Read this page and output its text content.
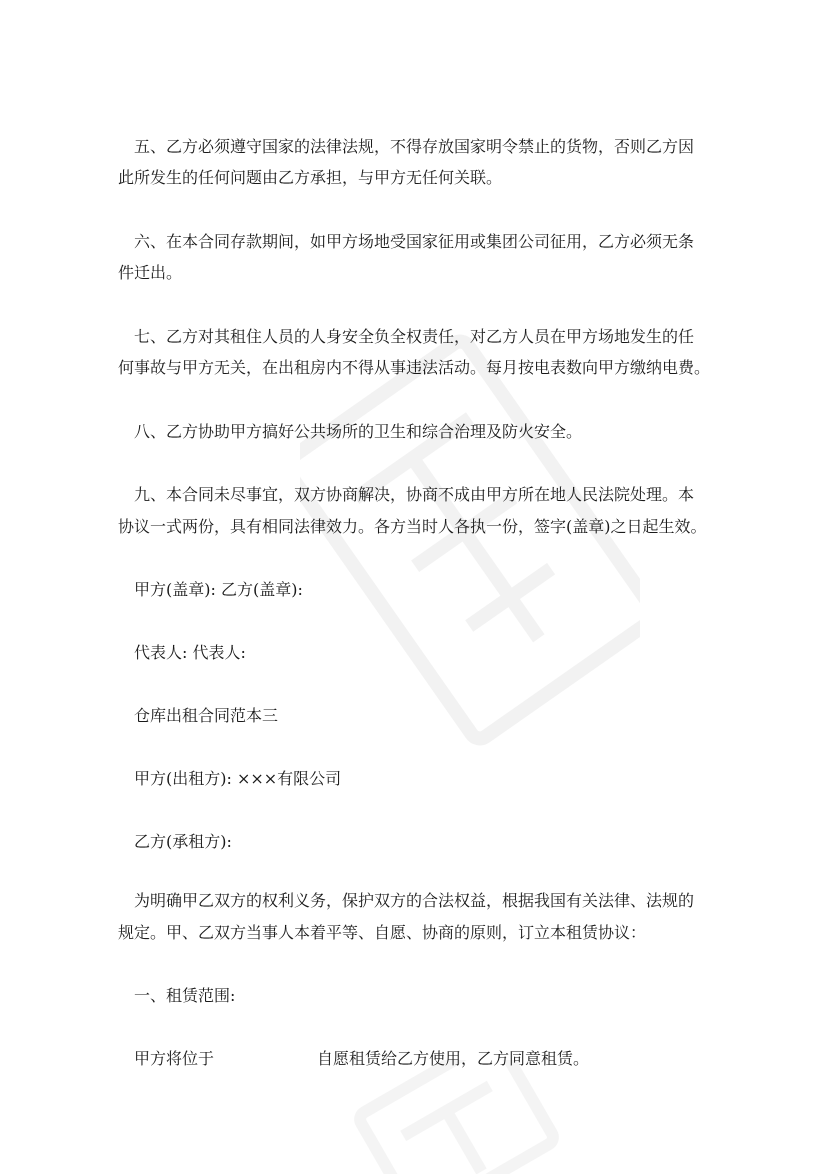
五、乙方必须遵守国家的法律法规，不得存放国家明令禁止的货物，否则乙方因

此所发生的任何问题由乙方承担，与甲方无任何关联。

六、在本合同存款期间，如甲方场地受国家征用或集团公司征用，乙方必须无条

件迁出。

七、乙方对其租住人员的人身安全负全权责任，对乙方人员在甲方场地发生的任

何事故与甲方无关，在出租房内不得从事违法活动。每月按电表数向甲方缴纳电费。

八、乙方协助甲方搞好公共场所的卫生和综合治理及防火安全。

九、本合同未尽事宜，双方协商解决，协商不成由甲方所在地人民法院处理。本

协议一式两份，具有相同法律效力。各方当时人各执一份，签字(盖章)之日起生效。

甲方(盖章): 乙方(盖章):

代表人: 代表人:

仓库出租合同范本三

甲方(出租方): ×××有限公司

乙方(承租方):

为明确甲乙双方的权利义务，保护双方的合法权益，根据我国有关法律、法规的

规定。甲、乙双方当事人本着平等、自愿、协商的原则，订立本租赁协议：

一、租赁范围:

甲方将位于	自愿租赁给乙方使用，乙方同意租赁。
